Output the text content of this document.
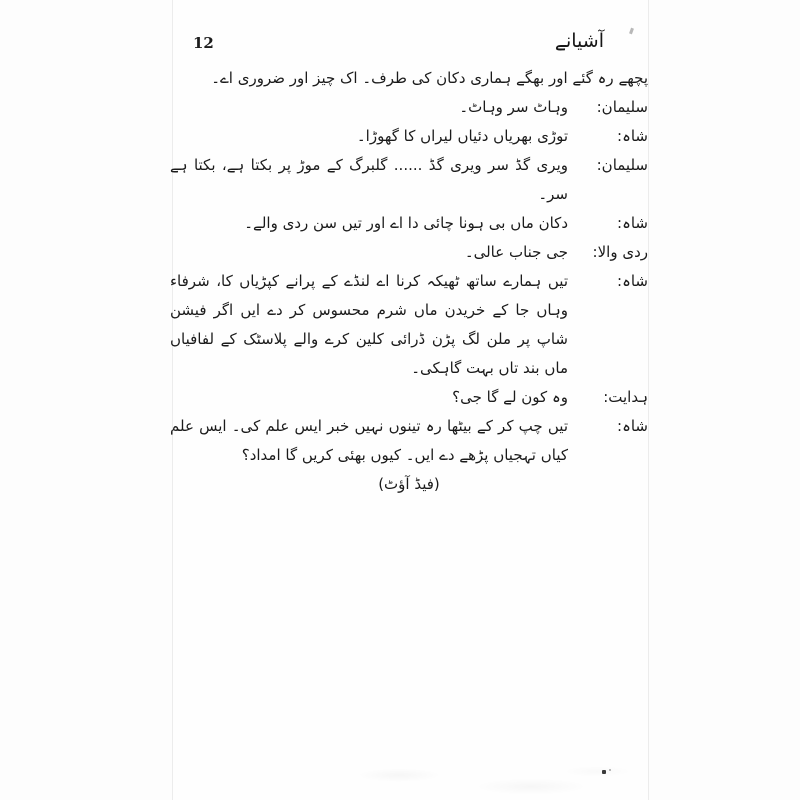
12	آشیانے

پچھے رہ گئے اور بھگے ہماری دکان کی طرف۔ اک چیز اور ضروری اے۔

سلیمان:
وہاٹ سر وہاٹ۔
شاہ:
توڑی بھریاں دئیاں لیراں کا گھوڑا۔
سلیمان:
ویری گڈ سر ویری گڈ ...... گلبرگ کے موڑ پر بکتا ہے، بکتا ہے سر۔
شاہ:
دکان ماں بی ہونا چائی دا اے اور تیں سن ردی والے۔
ردی والا:
جی جناب عالی۔
شاہ:
تیں ہمارے ساتھ ٹھیکہ کرنا اے لنڈے کے پرانے کپڑیاں کا، شرفاء وہاں جا کے خریدن ماں شرم محسوس کر دے ایں اگر فیشن شاپ پر ملن لگ پڑن ڈرائی کلین کرے والے پلاسٹک کے لفافیاں ماں بند تاں بہت گاہکی۔
ہدایت:
وہ کون لے گا جی؟
شاہ:
تیں چپ کر کے بیٹھا رہ تینوں نہیں خبر ایس علم کی۔ ایس علم کیاں تہجیاں پڑھے دے ایں۔ کیوں بھئی کریں گا امداد؟

(فیڈ آؤٹ)
